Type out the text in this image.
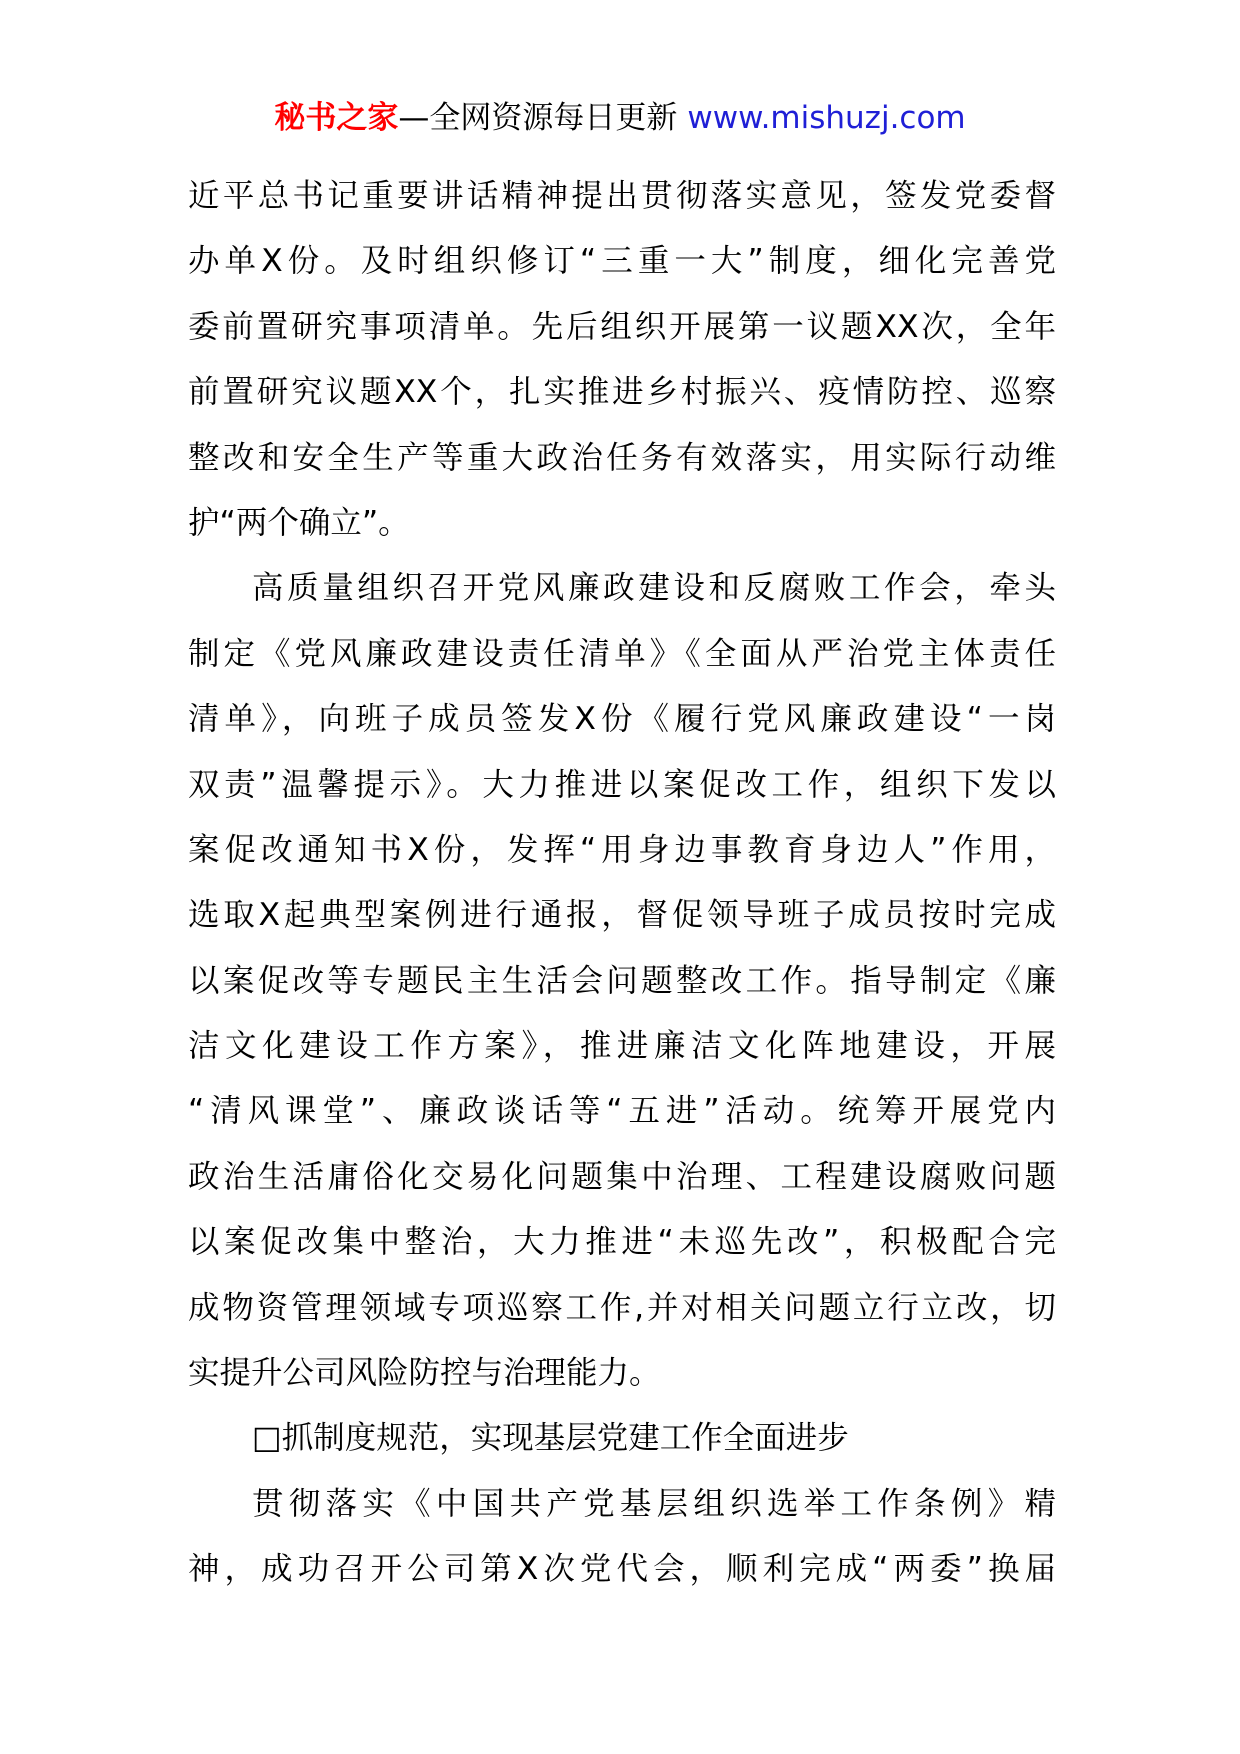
秘书之家—全网资源每日更新 www.mishuzj.com
近平总书记重要讲话精神提出贯彻落实意见，签发党委督
办单X份。及时组织修订“三重一大”制度，细化完善党
委前置研究事项清单。先后组织开展第一议题XX次，全年
前置研究议题XX个，扎实推进乡村振兴、疫情防控、巡察
整改和安全生产等重大政治任务有效落实，用实际行动维
护“两个确立”。
高质量组织召开党风廉政建设和反腐败工作会，牵头
制定《党风廉政建设责任清单》《全面从严治党主体责任
清单》，向班子成员签发X份《履行党风廉政建设“一岗
双责”温馨提示》。大力推进以案促改工作，组织下发以
案促改通知书X份，发挥“用身边事教育身边人”作用，
选取X起典型案例进行通报，督促领导班子成员按时完成
以案促改等专题民主生活会问题整改工作。指导制定《廉
洁文化建设工作方案》，推进廉洁文化阵地建设，开展
“清风课堂”、廉政谈话等“五进”活动。统筹开展党内
政治生活庸俗化交易化问题集中治理、工程建设腐败问题
以案促改集中整治，大力推进“未巡先改”，积极配合完
成物资管理领域专项巡察工作,并对相关问题立行立改，切
实提升公司风险防控与治理能力。
□抓制度规范，实现基层党建工作全面进步
贯彻落实《中国共产党基层组织选举工作条例》精
神，成功召开公司第X次党代会，顺利完成“两委”换届
